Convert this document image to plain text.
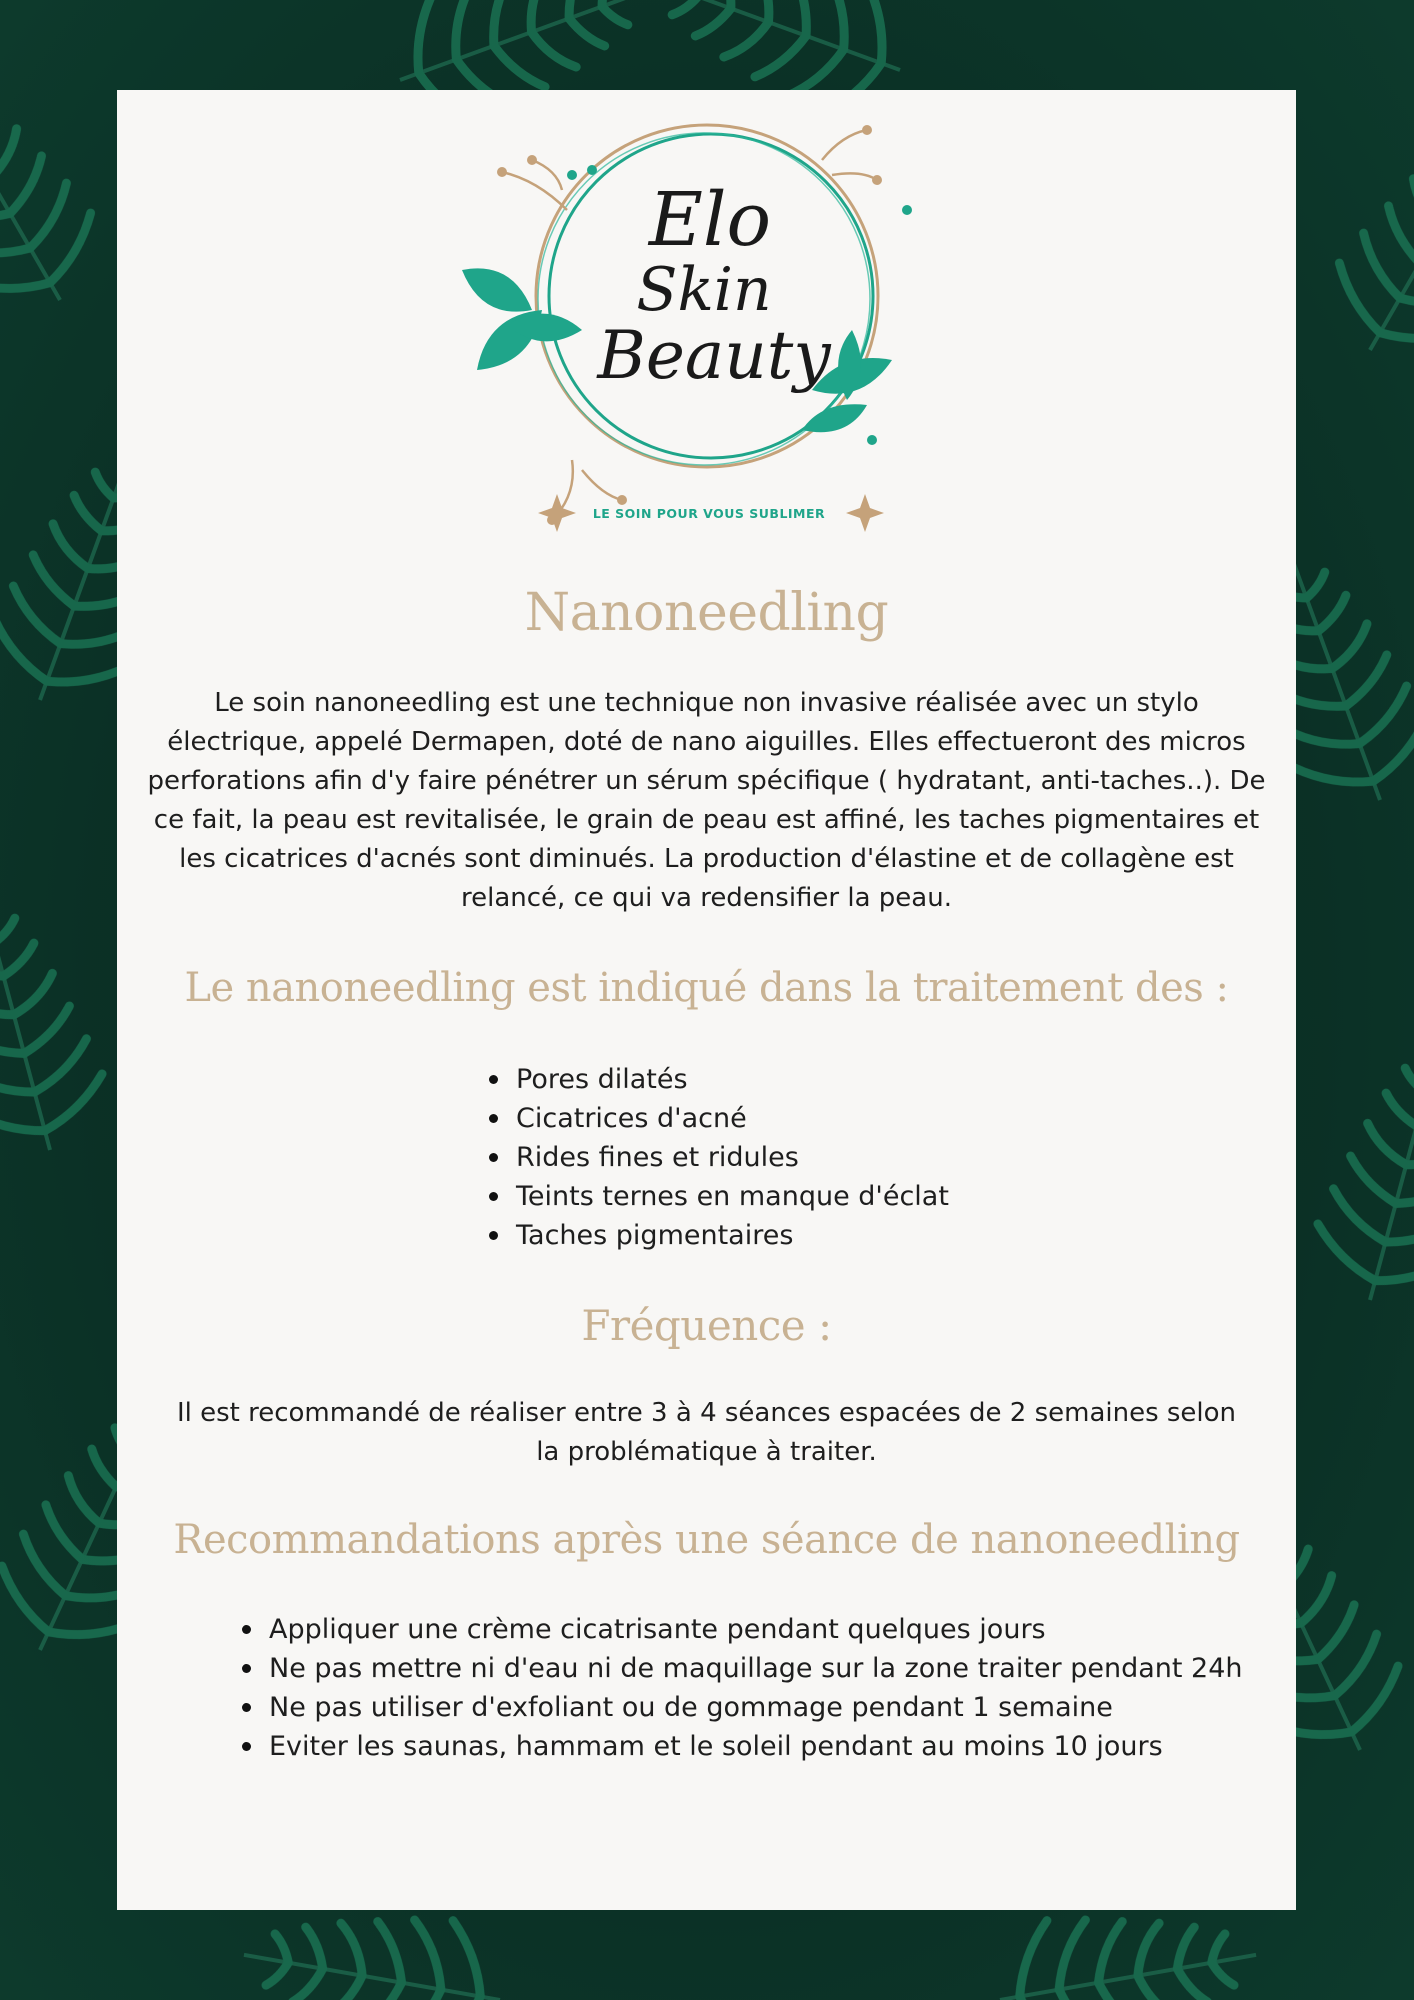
Elo
Skin
Beauty
LE SOIN POUR VOUS SUBLIMER
Nanoneedling

Le soin nanoneedling est une technique non invasive réalisée avec un stylo électrique, appelé Dermapen, doté de nano aiguilles. Elles effectueront des micros perforations afin d'y faire pénétrer un sérum spécifique ( hydratant, anti-taches..). De ce fait, la peau est revitalisée, le grain de peau est affiné, les taches pigmentaires et les cicatrices d'acnés sont diminués. La production d'élastine et de collagène est relancé, ce qui va redensifier la peau.

Le nanoneedling est indiqué dans la traitement des :
Pores dilatés
Cicatrices d'acné
Rides fines et ridules
Teints ternes en manque d'éclat
Taches pigmentaires
Fréquence :

Il est recommandé de réaliser entre 3 à 4 séances espacées de 2 semaines selon la problématique à traiter.

Recommandations après une séance de nanoneedling
Appliquer une crème cicatrisante pendant quelques jours
Ne pas mettre ni d'eau ni de maquillage sur la zone traiter pendant 24h
Ne pas utiliser d'exfoliant ou de gommage pendant 1 semaine
Eviter les saunas, hammam et le soleil pendant au moins 10 jours
